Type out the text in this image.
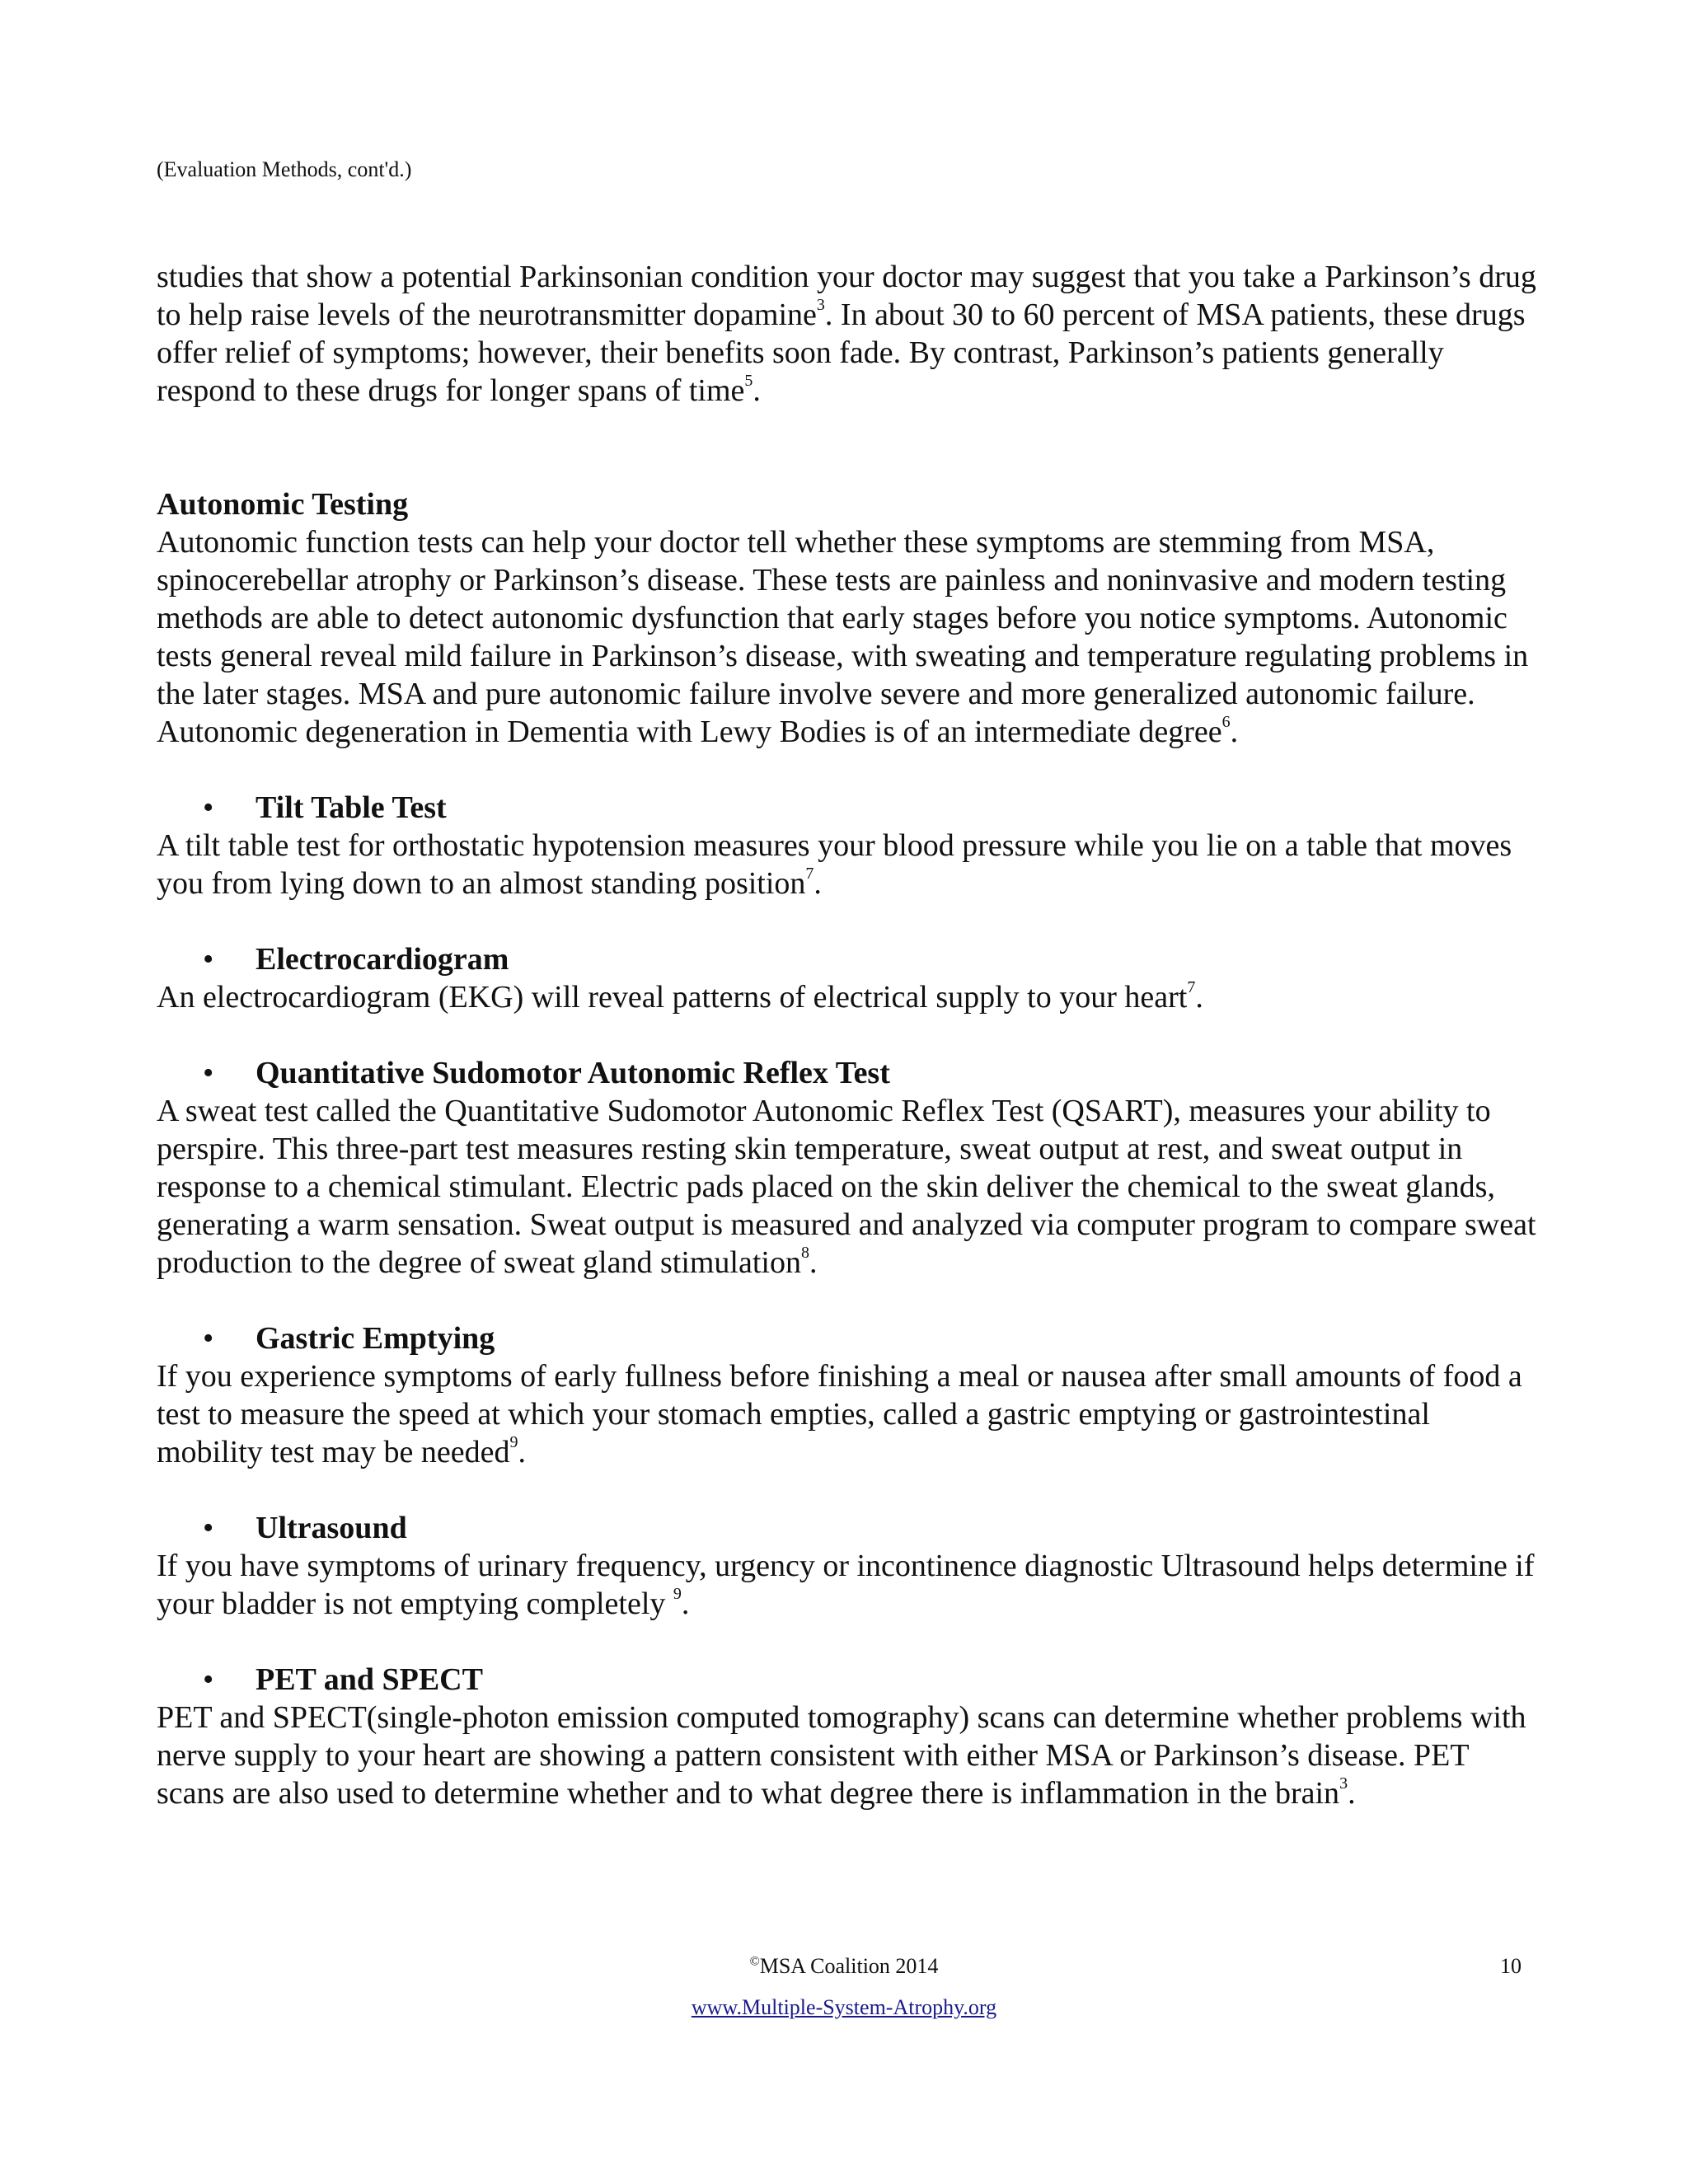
(Evaluation Methods, cont'd.)

studies that show a potential Parkinsonian condition your doctor may suggest that you take a Parkinson’s drug to help raise levels of the neurotransmitter dopamine$^3$. In about 30 to 60 percent of MSA patients, these drugs offer relief of symptoms; however, their benefits soon fade. By contrast, Parkinson’s patients generally respond to these drugs for longer spans of time$^5$.

Autonomic Testing

Autonomic function tests can help your doctor tell whether these symptoms are stemming from MSA, spinocerebellar atrophy or Parkinson’s disease. These tests are painless and noninvasive and modern testing methods are able to detect autonomic dysfunction that early stages before you notice symptoms. Autonomic tests general reveal mild failure in Parkinson’s disease, with sweating and temperature regulating problems in the later stages. MSA and pure autonomic failure involve severe and more generalized autonomic failure. Autonomic degeneration in Dementia with Lewy Bodies is of an intermediate degree$^6$.

• Tilt Table Test

A tilt table test for orthostatic hypotension measures your blood pressure while you lie on a table that moves you from lying down to an almost standing position$^7$.

• Electrocardiogram

An electrocardiogram (EKG) will reveal patterns of electrical supply to your heart$^7$.

• Quantitative Sudomotor Autonomic Reflex Test

A sweat test called the Quantitative Sudomotor Autonomic Reflex Test (QSART), measures your ability to perspire. This three-part test measures resting skin temperature, sweat output at rest, and sweat output in response to a chemical stimulant. Electric pads placed on the skin deliver the chemical to the sweat glands, generating a warm sensation. Sweat output is measured and analyzed via computer program to compare sweat production to the degree of sweat gland stimulation$^8$.

• Gastric Emptying

If you experience symptoms of early fullness before finishing a meal or nausea after small amounts of food a test to measure the speed at which your stomach empties, called a gastric emptying or gastrointestinal mobility test may be needed$^9$.

• Ultrasound

If you have symptoms of urinary frequency, urgency or incontinence diagnostic Ultrasound helps determine if your bladder is not emptying completely $^9$.

• PET and SPECT

PET and SPECT(single-photon emission computed tomography) scans can determine whether problems with nerve supply to your heart are showing a pattern consistent with either MSA or Parkinson’s disease. PET scans are also used to determine whether and to what degree there is inflammation in the brain$^3$.

©MSA Coalition 2014	10
www.Multiple-System-Atrophy.org
